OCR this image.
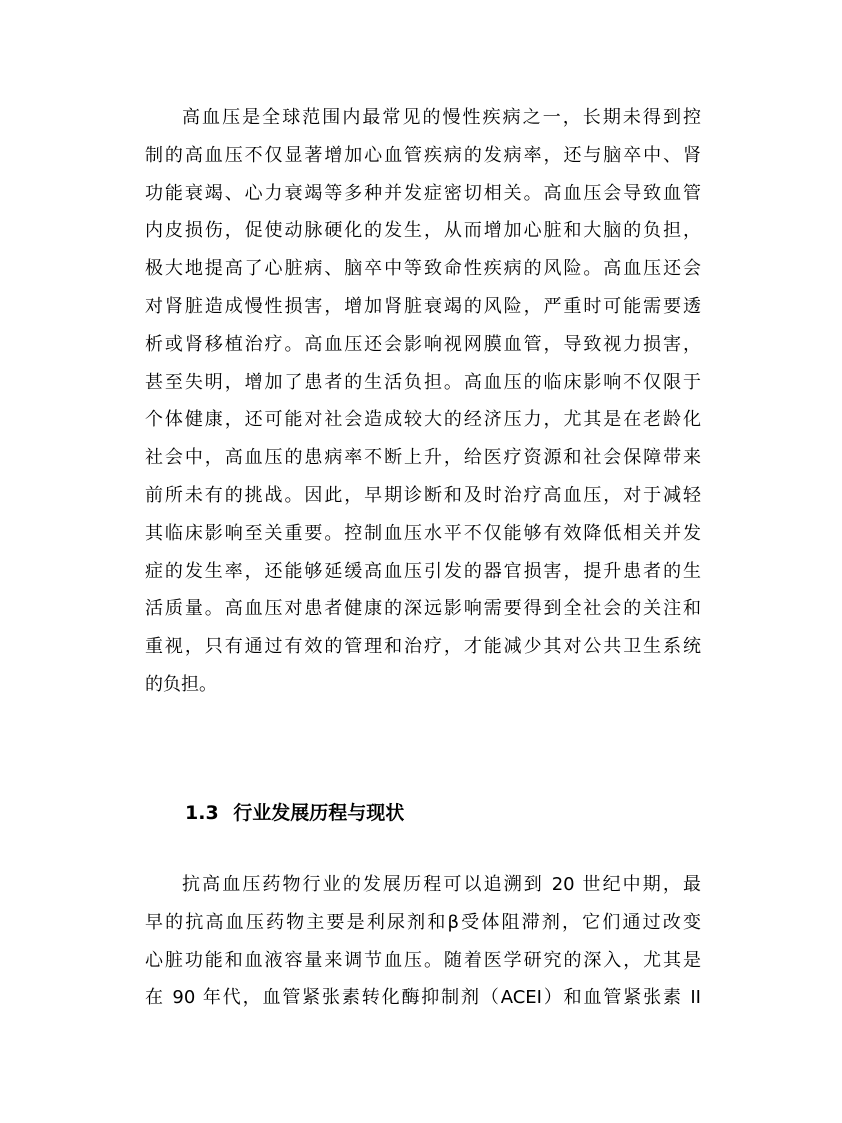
高血压是全球范围内最常见的慢性疾病之一，长期未得到控
制的高血压不仅显著增加心血管疾病的发病率，还与脑卒中、肾
功能衰竭、心力衰竭等多种并发症密切相关。高血压会导致血管
内皮损伤，促使动脉硬化的发生，从而增加心脏和大脑的负担，
极大地提高了心脏病、脑卒中等致命性疾病的风险。高血压还会
对肾脏造成慢性损害，增加肾脏衰竭的风险，严重时可能需要透
析或肾移植治疗。高血压还会影响视网膜血管，导致视力损害，
甚至失明，增加了患者的生活负担。高血压的临床影响不仅限于
个体健康，还可能对社会造成较大的经济压力，尤其是在老龄化
社会中，高血压的患病率不断上升，给医疗资源和社会保障带来
前所未有的挑战。因此，早期诊断和及时治疗高血压，对于减轻
其临床影响至关重要。控制血压水平不仅能够有效降低相关并发
症的发生率，还能够延缓高血压引发的器官损害，提升患者的生
活质量。高血压对患者健康的深远影响需要得到全社会的关注和
重视，只有通过有效的管理和治疗，才能减少其对公共卫生系统
的负担。
1.3 行业发展历程与现状
抗高血压药物行业的发展历程可以追溯到 20 世纪中期，最
早的抗高血压药物主要是利尿剂和β受体阻滞剂，它们通过改变
心脏功能和血液容量来调节血压。随着医学研究的深入，尤其是
在 90 年代，血管紧张素转化酶抑制剂（ACEI）和血管紧张素 II
